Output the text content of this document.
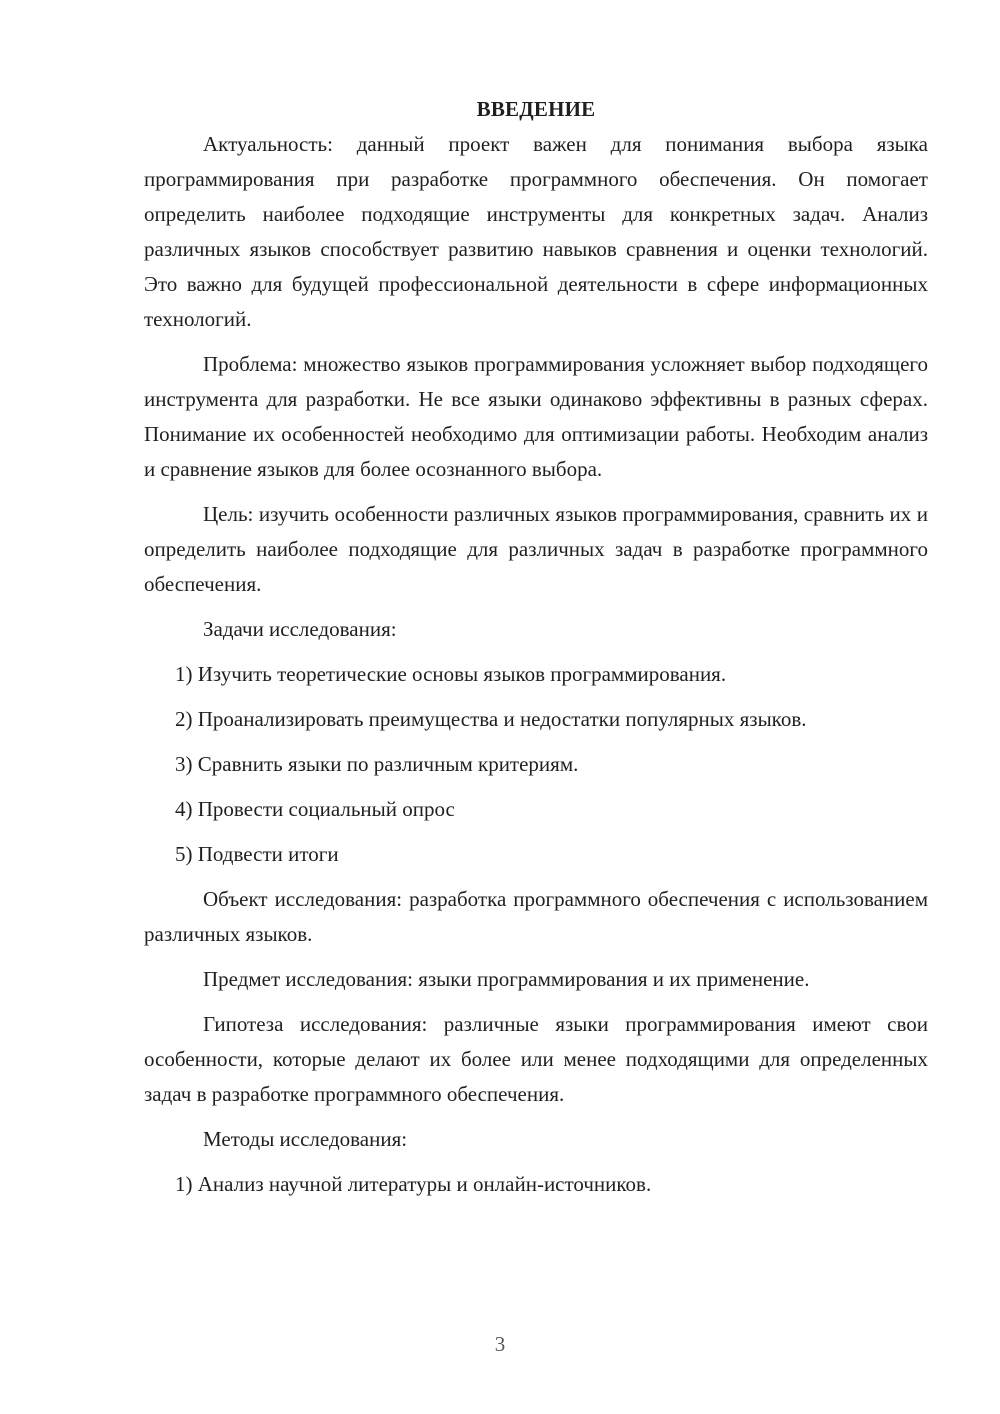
ВВЕДЕНИЕ

Актуальность: данный проект важен для понимания выбора языка программирования при разработке программного обеспечения. Он помогает определить наиболее подходящие инструменты для конкретных задач. Анализ различных языков способствует развитию навыков сравнения и оценки технологий. Это важно для будущей профессиональной деятельности в сфере информационных технологий.

Проблема: множество языков программирования усложняет выбор подходящего инструмента для разработки. Не все языки одинаково эффективны в разных сферах. Понимание их особенностей необходимо для оптимизации работы. Необходим анализ и сравнение языков для более осознанного выбора.

Цель: изучить особенности различных языков программирования, сравнить их и определить наиболее подходящие для различных задач в разработке программного обеспечения.

Задачи исследования:

1) Изучить теоретические основы языков программирования.

2) Проанализировать преимущества и недостатки популярных языков.

3) Сравнить языки по различным критериям.

4) Провести социальный опрос

5) Подвести итоги

Объект исследования: разработка программного обеспечения с использованием различных языков.

Предмет исследования: языки программирования и их применение.

Гипотеза исследования: различные языки программирования имеют свои особенности, которые делают их более или менее подходящими для определенных задач в разработке программного обеспечения.

Методы исследования:

1) Анализ научной литературы и онлайн-источников.

3
